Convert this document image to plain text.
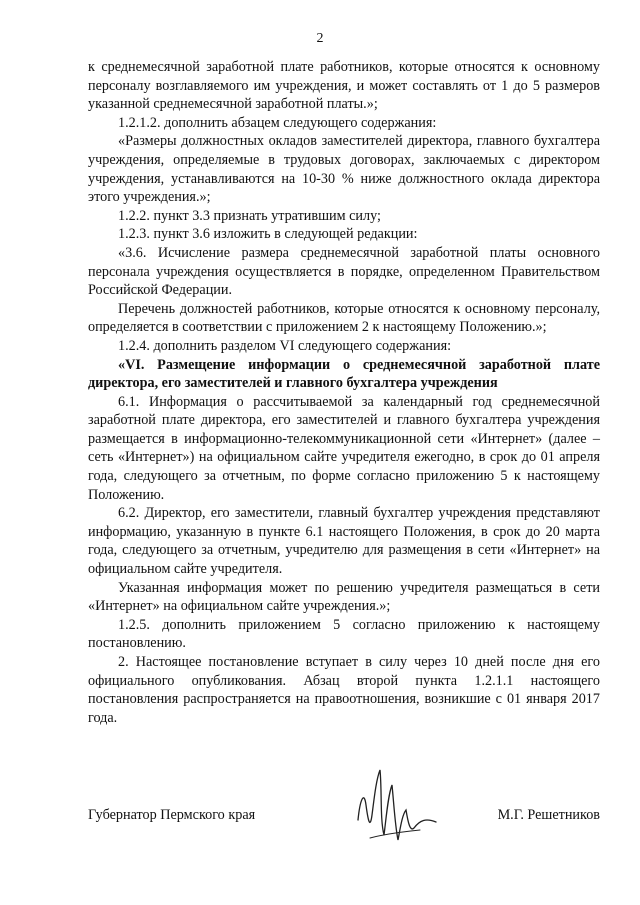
2

к среднемесячной заработной плате работников, которые относятся к основному персоналу возглавляемого им учреждения, и может составлять от 1 до 5 размеров указанной среднемесячной заработной платы.»;

1.2.1.2. дополнить абзацем следующего содержания:

«Размеры должностных окладов заместителей директора, главного бухгалтера учреждения, определяемые в трудовых договорах, заключаемых с директором учреждения, устанавливаются на 10-30 % ниже должностного оклада директора этого учреждения.»;

1.2.2. пункт 3.3 признать утратившим силу;

1.2.3. пункт 3.6 изложить в следующей редакции:

«3.6. Исчисление размера среднемесячной заработной платы основного персонала учреждения осуществляется в порядке, определенном Правительством Российской Федерации.

Перечень должностей работников, которые относятся к основному персоналу, определяется в соответствии с приложением 2 к настоящему Положению.»;

1.2.4. дополнить разделом VI следующего содержания:

«VI. Размещение информации о среднемесячной заработной плате директора, его заместителей и главного бухгалтера учреждения

6.1. Информация о рассчитываемой за календарный год среднемесячной заработной плате директора, его заместителей и главного бухгалтера учреждения размещается в информационно-телекоммуникационной сети «Интернет» (далее – сеть «Интернет») на официальном сайте учредителя ежегодно, в срок до 01 апреля года, следующего за отчетным, по форме согласно приложению 5 к настоящему Положению.

6.2. Директор, его заместители, главный бухгалтер учреждения представляют информацию, указанную в пункте 6.1 настоящего Положения, в срок до 20 марта года, следующего за отчетным, учредителю для размещения в сети «Интернет» на официальном сайте учредителя.

Указанная информация может по решению учредителя размещаться в сети «Интернет» на официальном сайте учреждения.»;

1.2.5. дополнить приложением 5 согласно приложению к настоящему постановлению.

2. Настоящее постановление вступает в силу через 10 дней после дня его официального опубликования. Абзац второй пункта 1.2.1.1 настоящего постановления распространяется на правоотношения, возникшие с 01 января 2017 года.

Губернатор Пермского края	М.Г. Решетников
